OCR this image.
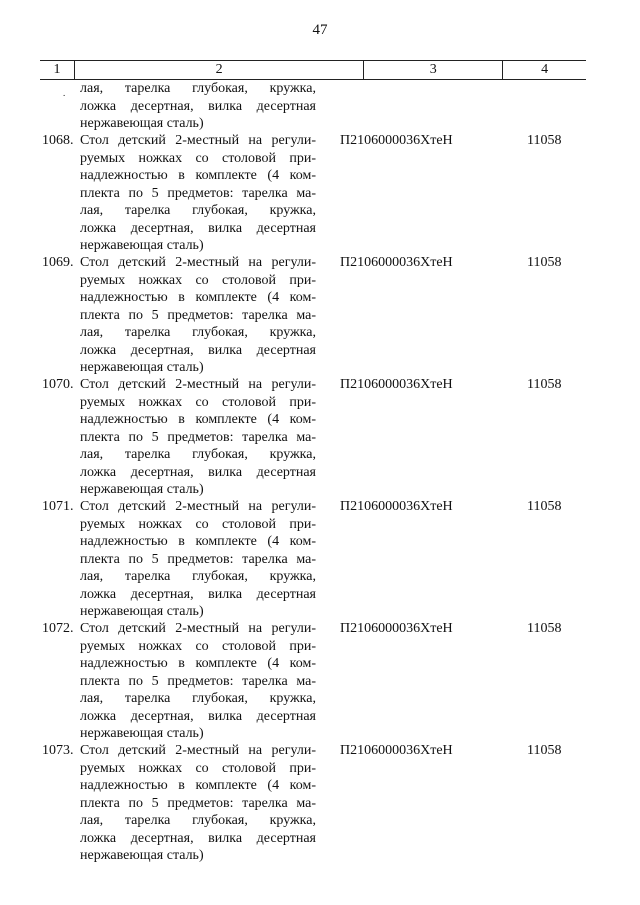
47
1	2	3	4
. лая, тарелка глубокая, кружка,
ложка десертная, вилка десертная
нержавеющая сталь)
1068. Стол детский 2-местный на регули-
руемых ножках со столовой при-
надлежностью в комплекте (4 ком-
плекта по 5 предметов: тарелка ма-
лая, тарелка глубокая, кружка,
ложка десертная, вилка десертная
нержавеющая сталь)
П2106000036ХтеН	11058
1069. Стол детский 2-местный на регули-
руемых ножках со столовой при-
надлежностью в комплекте (4 ком-
плекта по 5 предметов: тарелка ма-
лая, тарелка глубокая, кружка,
ложка десертная, вилка десертная
нержавеющая сталь)
П2106000036ХтеН	11058
1070. Стол детский 2-местный на регули-
руемых ножках со столовой при-
надлежностью в комплекте (4 ком-
плекта по 5 предметов: тарелка ма-
лая, тарелка глубокая, кружка,
ложка десертная, вилка десертная
нержавеющая сталь)
П2106000036ХтеН	11058
1071. Стол детский 2-местный на регули-
руемых ножках со столовой при-
надлежностью в комплекте (4 ком-
плекта по 5 предметов: тарелка ма-
лая, тарелка глубокая, кружка,
ложка десертная, вилка десертная
нержавеющая сталь)
П2106000036ХтеН	11058
1072. Стол детский 2-местный на регули-
руемых ножках со столовой при-
надлежностью в комплекте (4 ком-
плекта по 5 предметов: тарелка ма-
лая, тарелка глубокая, кружка,
ложка десертная, вилка десертная
нержавеющая сталь)
П2106000036ХтеН	11058
1073. Стол детский 2-местный на регули-
руемых ножках со столовой при-
надлежностью в комплекте (4 ком-
плекта по 5 предметов: тарелка ма-
лая, тарелка глубокая, кружка,
ложка десертная, вилка десертная
нержавеющая сталь)
П2106000036ХтеН	11058
